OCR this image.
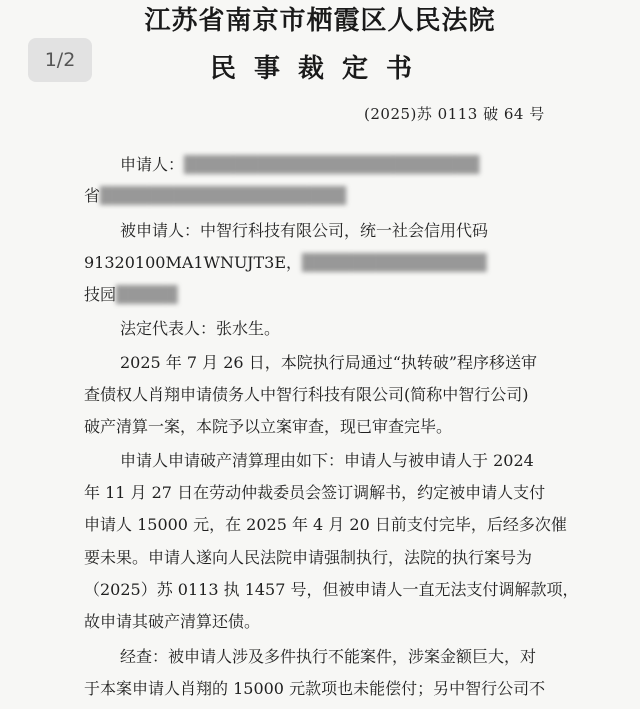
1/2
江苏省南京市栖霞区人民法院
民事裁定书
(2025)苏 0113 破 64 号
申请人：████████████████████████
省████████████████████
被申请人：中智行科技有限公司，统一社会信用代码
91320100MA1WNUJT3E，███████████████
技园█████
法定代表人：张水生。
2025 年 7 月 26 日，本院执行局通过“执转破”程序移送审
查债权人肖翔申请债务人中智行科技有限公司(简称中智行公司)
破产清算一案，本院予以立案审查，现已审查完毕。
申请人申请破产清算理由如下：申请人与被申请人于 2024
年 11 月 27 日在劳动仲裁委员会签订调解书，约定被申请人支付
申请人 15000 元，在 2025 年 4 月 20 日前支付完毕，后经多次催
要未果。申请人遂向人民法院申请强制执行，法院的执行案号为
（2025）苏 0113 执 1457 号，但被申请人一直无法支付调解款项，
故申请其破产清算还债。
经查：被申请人涉及多件执行不能案件，涉案金额巨大，对
于本案申请人肖翔的 15000 元款项也未能偿付；另中智行公司不
